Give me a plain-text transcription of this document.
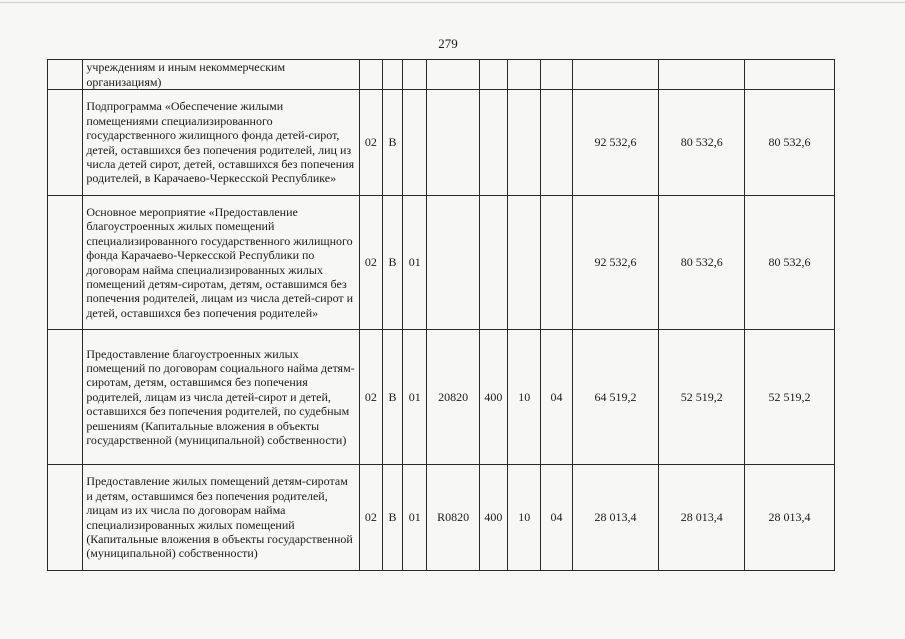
279
	учреждениям и иным некоммерческим организациям)										
	Подпрограмма «Обеспечение жилыми помещениями специализированного государственного жилищного фонда детей-сирот, детей, оставшихся без попечения родителей, лиц из числа детей сирот, детей, оставшихся без попечения родителей, в Карачаево-Черкесской Республике»	02	В						92 532,6	80 532,6	80 532,6
	Основное мероприятие «Предоставление благоустроенных жилых помещений специализированного государственного жилищного фонда Карачаево-Черкесской Республики по договорам найма специализированных жилых помещений детям-сиротам, детям, оставшимся без попечения родителей, лицам из числа детей-сирот и детей, оставшихся без попечения родителей»	02	В	01					92 532,6	80 532,6	80 532,6
	Предоставление благоустроенных жилых помещений по договорам социального найма детям-сиротам, детям, оставшимся без попечения родителей, лицам из числа детей-сирот и детей, оставшихся без попечения родителей, по судебным решениям (Капитальные вложения в объекты государственной (муниципальной) собственности)	02	В	01	20820	400	10	04	64 519,2	52 519,2	52 519,2
	Предоставление жилых помещений детям-сиротам и детям, оставшимся без попечения родителей, лицам из их числа по договорам найма специализированных жилых помещений (Капитальные вложения в объекты государственной (муниципальной) собственности)	02	В	01	R0820	400	10	04	28 013,4	28 013,4	28 013,4
